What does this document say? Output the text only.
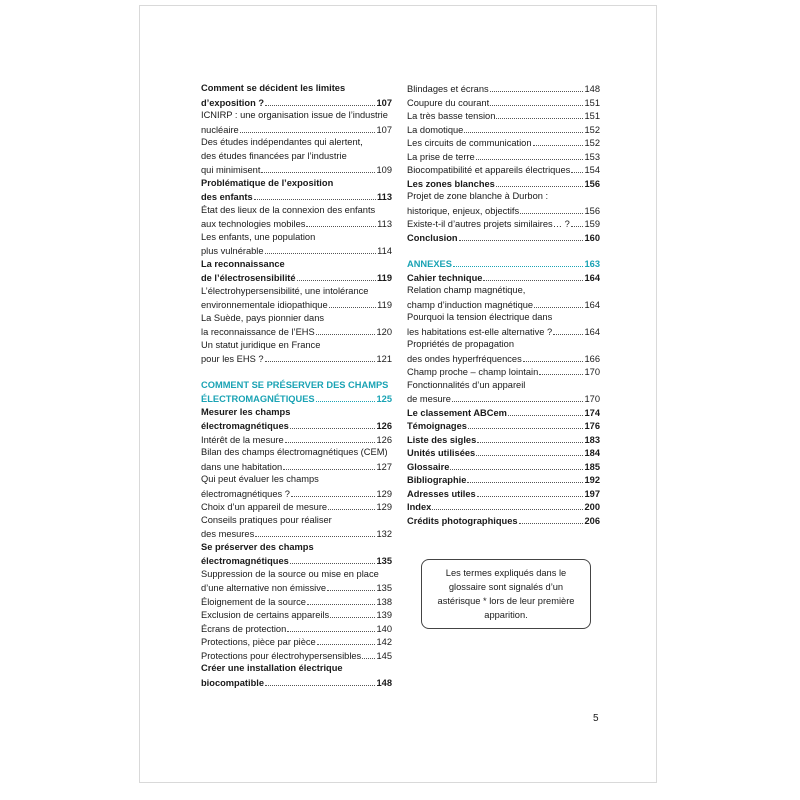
Comment se décident les limites
d’exposition ?	107
ICNIRP : une organisation issue de l’industrie
nucléaire	107
Des études indépendantes qui alertent,
des études financées par l’industrie
qui minimisent	109
Problématique de l’exposition
des enfants	113
État des lieux de la connexion des enfants
aux technologies mobiles	113
Les enfants, une population
plus vulnérable	114
La reconnaissance
de l’électrosensibilité	119
L’électrohypersensibilité, une intolérance
environnementale idiopathique	119
La Suède, pays pionnier dans
la reconnaissance de l’EHS	120
Un statut juridique en France
pour les EHS ?	121
COMMENT SE PRÉSERVER DES CHAMPS
ÉLECTROMAGNÉTIQUES	125
Mesurer les champs
électromagnétiques	126
Intérêt de la mesure	126
Bilan des champs électromagnétiques (CEM)
dans une habitation	127
Qui peut évaluer les champs
électromagnétiques ?	129
Choix d’un appareil de mesure	129
Conseils pratiques pour réaliser
des mesures	132
Se préserver des champs
électromagnétiques	135
Suppression de la source ou mise en place
d’une alternative non émissive	135
Éloignement de la source	138
Exclusion de certains appareils	139
Écrans de protection	140
Protections, pièce par pièce	142
Protections pour électrohypersensibles 145
Créer une installation électrique
biocompatible	148
Blindages et écrans	148
Coupure du courant	151
La très basse tension	151
La domotique	152
Les circuits de communication	152
La prise de terre	153
Biocompatibilité et appareils électriques 154
Les zones blanches	156
Projet de zone blanche à Durbon :
historique, enjeux, objectifs	156
Existe-t-il d’autres projets similaires… ? 159
Conclusion	160
ANNEXES	163
Cahier technique	164
Relation champ magnétique,
champ d’induction magnétique	164
Pourquoi la tension électrique dans
les habitations est-elle alternative ?	164
Propriétés de propagation
des ondes hyperfréquences	166
Champ proche – champ lointain	170
Fonctionnalités d’un appareil
de mesure	170
Le classement ABCem	174
Témoignages	176
Liste des sigles	183
Unités utilisées	184
Glossaire	185
Bibliographie	192
Adresses utiles	197
Index	200
Crédits photographiques	206
Les termes expliqués dans le glossaire sont signalés d’un astérisque * lors de leur première apparition.
5
